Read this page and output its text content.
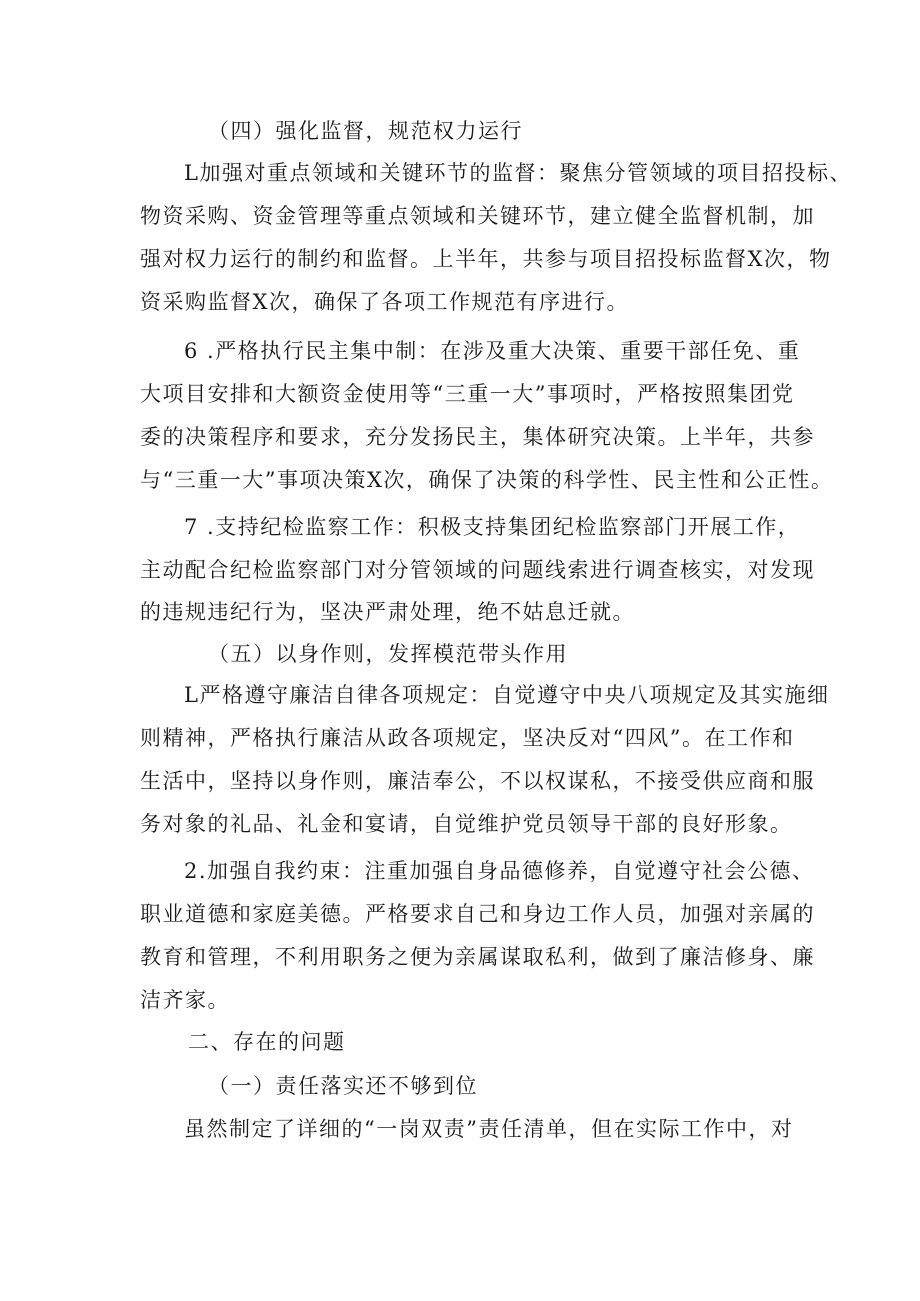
（四）强化监督，规范权力运行
L加强对重点领域和关键环节的监督：聚焦分管领域的项目招投标、
物资采购、资金管理等重点领域和关键环节，建立健全监督机制，加
强对权力运行的制约和监督。上半年，共参与项目招投标监督X次，物
资采购监督X次，确保了各项工作规范有序进行。
6 .严格执行民主集中制：在涉及重大决策、重要干部任免、重
大项目安排和大额资金使用等“三重一大”事项时，严格按照集团党
委的决策程序和要求，充分发扬民主，集体研究决策。上半年，共参
与“三重一大”事项决策X次，确保了决策的科学性、民主性和公正性。
7 .支持纪检监察工作：积极支持集团纪检监察部门开展工作，
主动配合纪检监察部门对分管领域的问题线索进行调查核实，对发现
的违规违纪行为，坚决严肃处理，绝不姑息迁就。
（五）以身作则，发挥模范带头作用
L严格遵守廉洁自律各项规定：自觉遵守中央八项规定及其实施细
则精神，严格执行廉洁从政各项规定，坚决反对“四风”。在工作和
生活中，坚持以身作则，廉洁奉公，不以权谋私，不接受供应商和服
务对象的礼品、礼金和宴请，自觉维护党员领导干部的良好形象。
2.加强自我约束：注重加强自身品德修养，自觉遵守社会公德、
职业道德和家庭美德。严格要求自己和身边工作人员，加强对亲属的
教育和管理，不利用职务之便为亲属谋取私利，做到了廉洁修身、廉
洁齐家。
二、存在的问题
（一）责任落实还不够到位
虽然制定了详细的“一岗双责”责任清单，但在实际工作中，对
